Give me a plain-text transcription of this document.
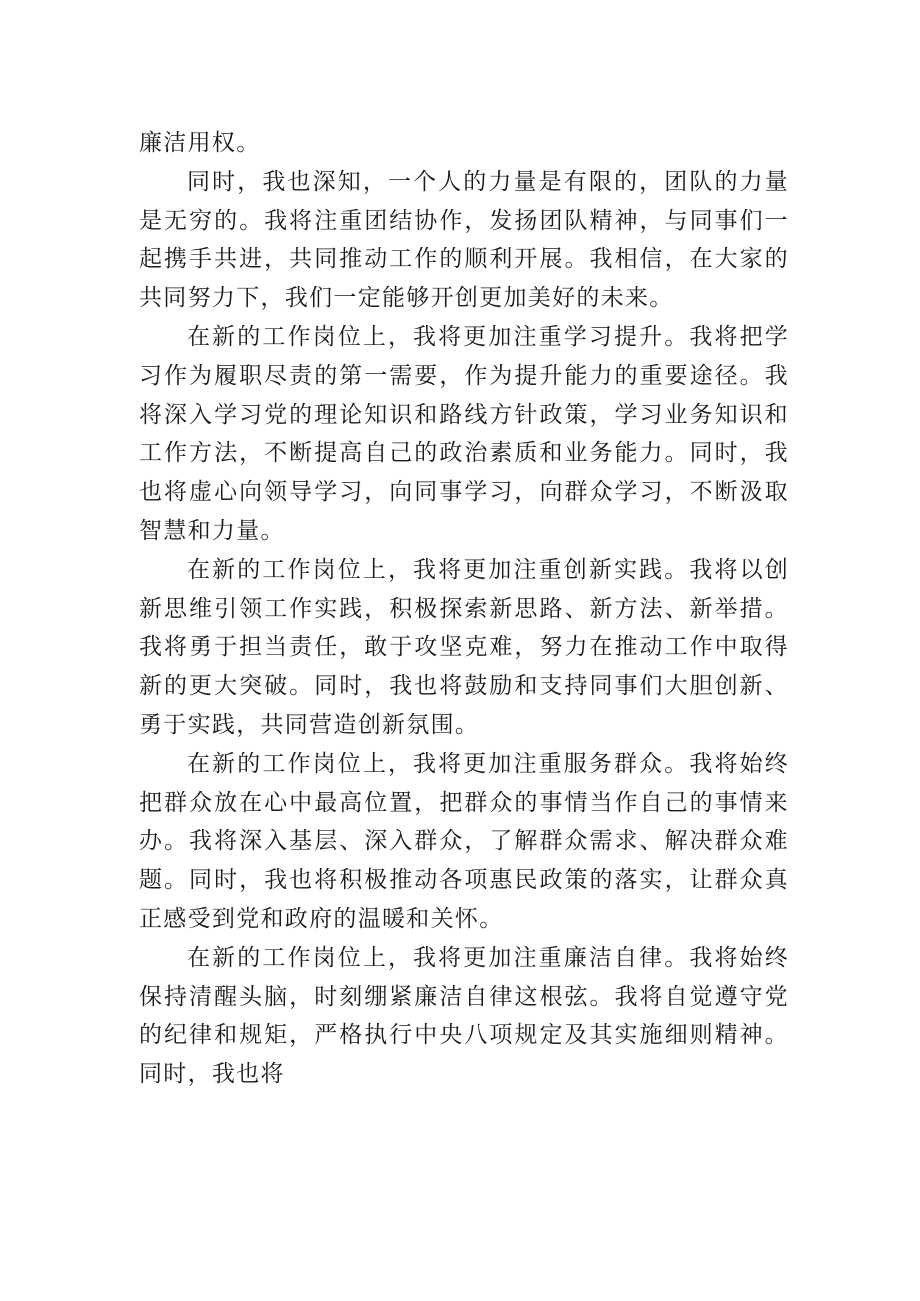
廉洁用权。

同时，我也深知，一个人的力量是有限的，团队的力量是无穷的。我将注重团结协作，发扬团队精神，与同事们一起携手共进，共同推动工作的顺利开展。我相信，在大家的共同努力下，我们一定能够开创更加美好的未来。

在新的工作岗位上，我将更加注重学习提升。我将把学习作为履职尽责的第一需要，作为提升能力的重要途径。我将深入学习党的理论知识和路线方针政策，学习业务知识和工作方法，不断提高自己的政治素质和业务能力。同时，我也将虚心向领导学习，向同事学习，向群众学习，不断汲取智慧和力量。

在新的工作岗位上，我将更加注重创新实践。我将以创新思维引领工作实践，积极探索新思路、新方法、新举措。我将勇于担当责任，敢于攻坚克难，努力在推动工作中取得新的更大突破。同时，我也将鼓励和支持同事们大胆创新、勇于实践，共同营造创新氛围。

在新的工作岗位上，我将更加注重服务群众。我将始终把群众放在心中最高位置，把群众的事情当作自己的事情来办。我将深入基层、深入群众，了解群众需求、解决群众难题。同时，我也将积极推动各项惠民政策的落实，让群众真正感受到党和政府的温暖和关怀。

在新的工作岗位上，我将更加注重廉洁自律。我将始终保持清醒头脑，时刻绷紧廉洁自律这根弦。我将自觉遵守党的纪律和规矩，严格执行中央八项规定及其实施细则精神。同时，我也将
